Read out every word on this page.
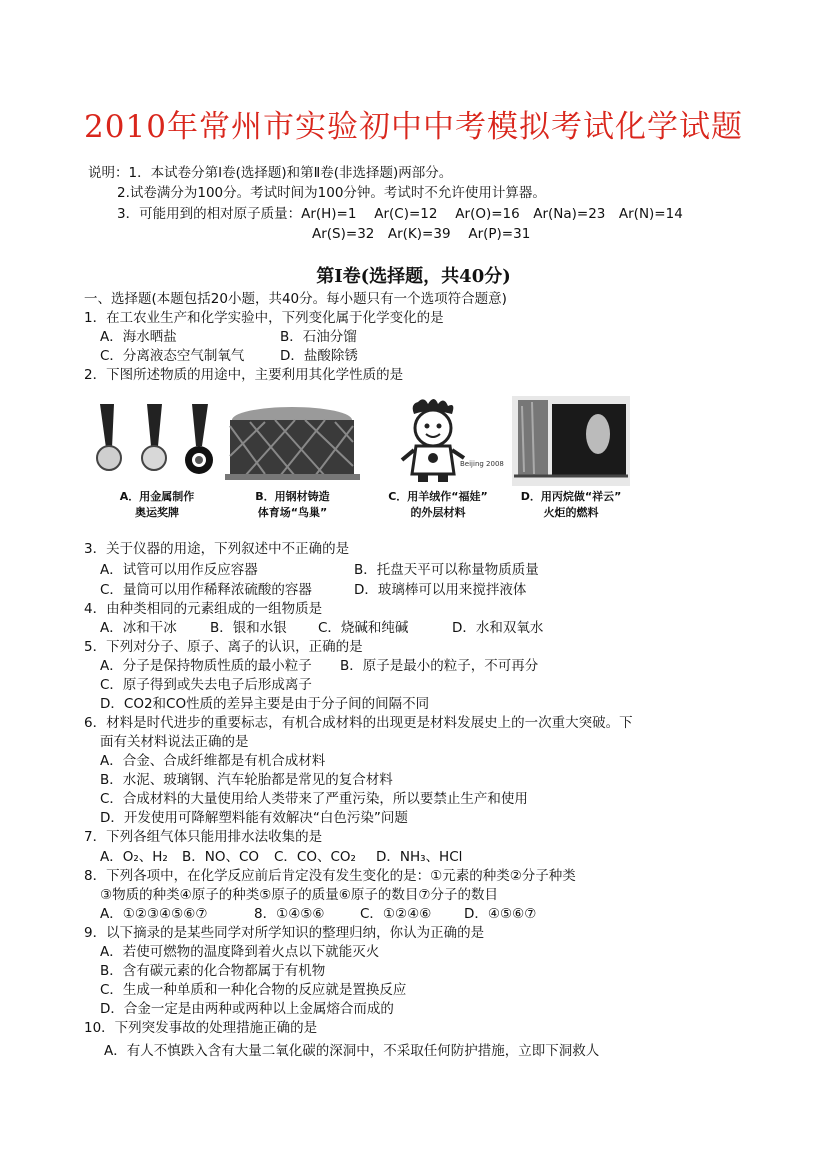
2010年常州市实验初中中考模拟考试化学试题
说明：1．本试卷分第Ⅰ卷(选择题)和第Ⅱ卷(非选择题)两部分。
2.试卷满分为100分。考试时间为100分钟。考试时不允许使用计算器。
3．可能用到的相对原子质量：Ar(H)=1　 Ar(C)=12　 Ar(O)=16　Ar(Na)=23　Ar(N)=14
Ar(S)=32　Ar(K)=39　 Ar(P)=31
第Ⅰ卷(选择题，共40分)
一、选择题(本题包括20小题，共40分。每小题只有一个选项符合题意)
1．在工农业生产和化学实验中，下列变化属于化学变化的是
A．海水晒盐	B．石油分馏
C．分离液态空气制氧气	D．盐酸除锈
2．下图所述物质的用途中，主要利用其化学性质的是
A．用金属制作
奥运奖牌
B．用钢材铸造
体育场“鸟巢”
Beijing 2008
C．用羊绒作“福娃”
的外层材料
D．用丙烷做“祥云”
火炬的燃料
3．关于仪器的用途，下列叙述中不正确的是
A．试管可以用作反应容器	B．托盘天平可以称量物质质量
C．量筒可以用作稀释浓硫酸的容器	D．玻璃棒可以用来搅拌液体
4．由种类相同的元素组成的一组物质是
A．冰和干冰 B．银和水银 C．烧碱和纯碱	D．水和双氧水
5．下列对分子、原子、离子的认识，正确的是
A．分子是保持物质性质的最小粒子 B．原子是最小的粒子，不可再分
C．原子得到或失去电子后形成离子
D．CO2和CO性质的差异主要是由于分子间的间隔不同
6．材料是时代进步的重要标志，有机合成材料的出现更是材料发展史上的一次重大突破。下
面有关材料说法正确的是
A．合金、合成纤维都是有机合成材料
B．水泥、玻璃钢、汽车轮胎都是常见的复合材料
C．合成材料的大量使用给人类带来了严重污染，所以要禁止生产和使用
D．开发使用可降解塑料能有效解决“白色污染”问题
7．下列各组气体只能用排水法收集的是
A．O₂、H₂ B．NO、CO C．CO、CO₂ D．NH₃、HCl
8．下列各项中，在化学反应前后肯定没有发生变化的是：①元素的种类②分子种类
③物质的种类④原子的种类⑤原子的质量⑥原子的数目⑦分子的数目
A．①②③④⑤⑥⑦	8．①④⑤⑥	C．①②④⑥ D．④⑤⑥⑦
9．以下摘录的是某些同学对所学知识的整理归纳，你认为正确的是
A．若使可燃物的温度降到着火点以下就能灭火
B．含有碳元素的化合物都属于有机物
C．生成一种单质和一种化合物的反应就是置换反应
D．合金一定是由两种或两种以上金属熔合而成的
10．下列突发事故的处理措施正确的是
A．有人不慎跌入含有大量二氧化碳的深洞中，不采取任何防护措施，立即下洞救人
